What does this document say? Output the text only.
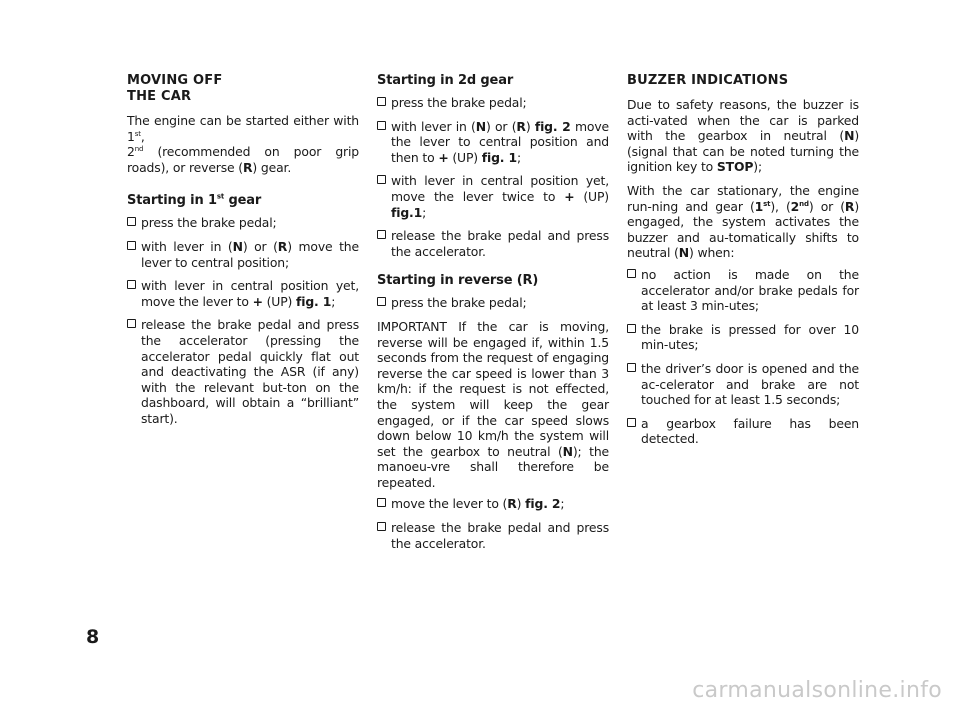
MOVING OFF
THE CAR

The engine can be started either with 1st,
2nd (recommended on poor grip roads), or reverse (R) gear.

Starting in 1st gear

press the brake pedal;
with lever in (N) or (R) move the lever to central position;
with lever in central position yet, move the lever to + (UP) fig. 1;
release the brake pedal and press the accelerator (pressing the accelerator pedal quickly flat out and deactivating the ASR (if any) with the relevant but-ton on the dashboard, will obtain a “brilliant” start).

Starting in 2d gear

press the brake pedal;
with lever in (N) or (R) fig. 2 move the lever to central position and then to + (UP) fig. 1;
with lever in central position yet, move the lever twice to + (UP) fig.1;
release the brake pedal and press the accelerator.

Starting in reverse (R)

press the brake pedal;

IMPORTANT If the car is moving, reverse will be engaged if, within 1.5 seconds from the request of engaging reverse the car speed is lower than 3 km/h: if the request is not effected, the system will keep the gear engaged, or if the car speed slows down below 10 km/h the system will set the gearbox to neutral (N); the manoeu-vre shall therefore be repeated.

move the lever to (R) fig. 2;
release the brake pedal and press the accelerator.

BUZZER INDICATIONS

Due to safety reasons, the buzzer is acti-vated when the car is parked with the gearbox in neutral (N) (signal that can be noted turning the ignition key to STOP);

With the car stationary, the engine run-ning and gear (1st), (2nd) or (R) engaged, the system activates the buzzer and au-tomatically shifts to neutral (N) when:

no action is made on the accelerator and/or brake pedals for at least 3 min-utes;
the brake is pressed for over 10 min-utes;
the driver’s door is opened and the ac-celerator and brake are not touched for at least 1.5 seconds;
a gearbox failure has been detected.
8
carmanualsonline.info
